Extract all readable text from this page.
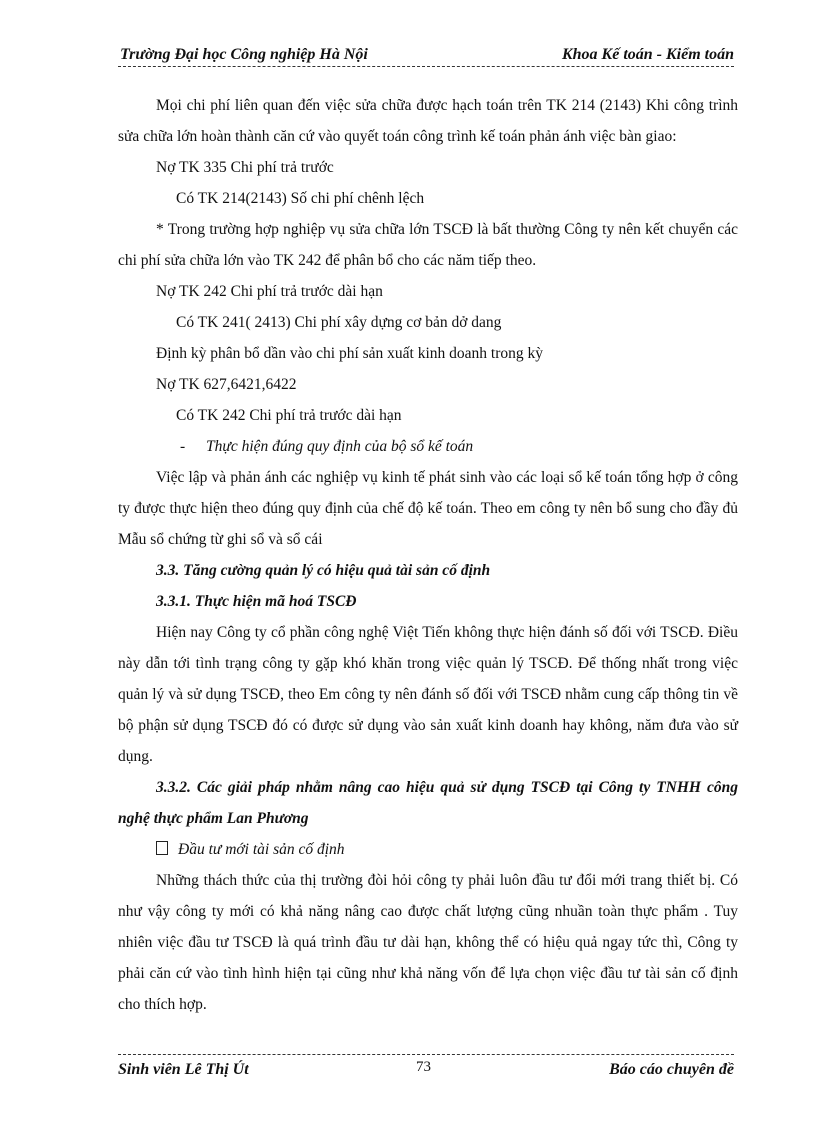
Trường Đại học Công nghiệp Hà Nội	Khoa Kế toán - Kiểm toán

Mọi chi phí liên quan đến việc sửa chữa được hạch toán trên TK 214 (2143) Khi công trình sửa chữa lớn hoàn thành căn cứ vào quyết toán công trình kế toán phản ánh việc bàn giao:

Nợ TK 335 Chi phí trả trước

Có TK 214(2143) Số chi phí chênh lệch

* Trong trường hợp nghiệp vụ sửa chữa lớn TSCĐ là bất thường Công ty nên kết chuyển các chi phí sửa chữa lớn vào TK 242 để phân bổ cho các năm tiếp theo.

Nợ TK 242 Chi phí trả trước dài hạn

Có TK 241( 2413) Chi phí xây dựng cơ bản dở dang

Định kỳ phân bổ dần vào chi phí sản xuất kinh doanh trong kỳ

Nợ TK 627,6421,6422

Có TK 242 Chi phí trả trước dài hạn

- Thực hiện đúng quy định của bộ sổ kế toán

Việc lập và phản ánh các nghiệp vụ kinh tế phát sinh vào các loại sổ kế toán tổng hợp ở công ty được thực hiện theo đúng quy định của chế độ kế toán. Theo em công ty nên bổ sung cho đầy đủ Mẫu sổ chứng từ ghi sổ và sổ cái

3.3. Tăng cường quản lý có hiệu quả tài sản cố định

3.3.1. Thực hiện mã hoá TSCĐ

Hiện nay Công ty cổ phần công nghệ Việt Tiến không thực hiện đánh số đối với TSCĐ. Điều này dẫn tới tình trạng công ty gặp khó khăn trong việc quản lý TSCĐ. Để thống nhất trong việc quản lý và sử dụng TSCĐ, theo Em công ty nên đánh số đối với TSCĐ nhằm cung cấp thông tin về bộ phận sử dụng TSCĐ đó có được sử dụng vào sản xuất kinh doanh hay không, năm đưa vào sử dụng.

3.3.2. Các giải pháp nhằm nâng cao hiệu quả sử dụng TSCĐ tại Công ty TNHH công nghệ thực phẩm Lan Phương

Đầu tư mới tài sản cố định

Những thách thức của thị trường đòi hỏi công ty phải luôn đầu tư đổi mới trang thiết bị. Có như vậy công ty mới có khả năng nâng cao được chất lượng cũng nhuần toàn thực phẩm . Tuy nhiên việc đầu tư TSCĐ là quá trình đầu tư dài hạn, không thể có hiệu quả ngay tức thì, Công ty phải căn cứ vào tình hình hiện tại cũng như khả năng vốn để lựa chọn việc đầu tư tài sản cố định cho thích hợp.

Sinh viên Lê Thị Út	73	Báo cáo chuyên đề
